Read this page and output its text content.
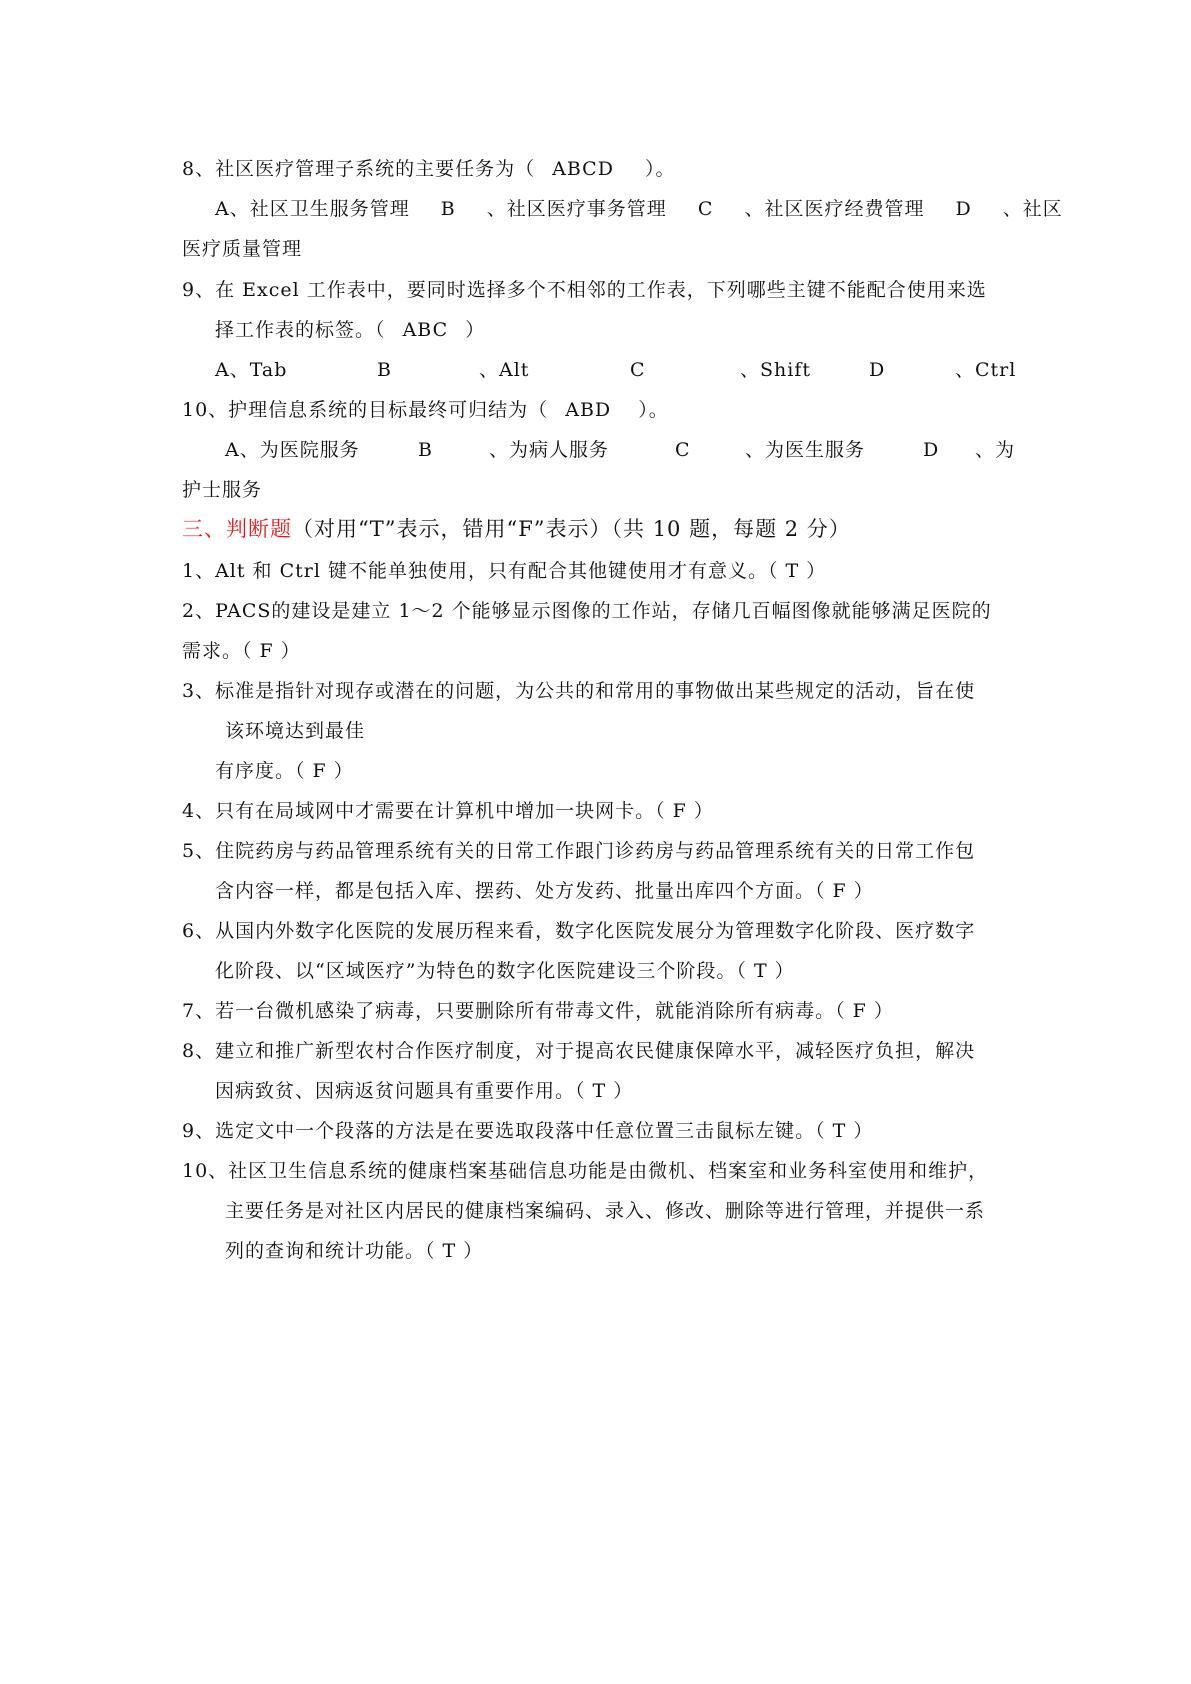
8、社区医疗管理子系统的主要任务为（ ABCD ）。
A、社区卫生服务管理 B 、社区医疗事务管理 C 、社区医疗经费管理 D 、社区
医疗质量管理
9、在 Excel 工作表中，要同时选择多个不相邻的工作表，下列哪些主键不能配合使用来选
择工作表的标签。（ ABC ）
A、Tab	B	、Alt	C	、Shift	D	、Ctrl
10、护理信息系统的目标最终可归结为（ ABD ）。
A、为医院服务	B	、为病人服务	C	、为医生服务	D 、为
护士服务
三、判断题（对用“T”表示，错用“F”表示）（共 10 题，每题 2 分）
1、Alt 和 Ctrl 键不能单独使用，只有配合其他键使用才有意义。（ T ）
2、PACS的建设是建立 1～2 个能够显示图像的工作站，存储几百幅图像就能够满足医院的
需求。（ F ）
3、标准是指针对现存或潜在的问题，为公共的和常用的事物做出某些规定的活动，旨在使
该环境达到最佳
有序度。（ F ）
4、只有在局域网中才需要在计算机中增加一块网卡。（ F ）
5、住院药房与药品管理系统有关的日常工作跟门诊药房与药品管理系统有关的日常工作包
含内容一样，都是包括入库、摆药、处方发药、批量出库四个方面。（ F ）
6、从国内外数字化医院的发展历程来看，数字化医院发展分为管理数字化阶段、医疗数字
化阶段、以“区域医疗”为特色的数字化医院建设三个阶段。（ T ）
7、若一台微机感染了病毒，只要删除所有带毒文件，就能消除所有病毒。（ F ）
8、建立和推广新型农村合作医疗制度，对于提高农民健康保障水平，减轻医疗负担，解决
因病致贫、因病返贫问题具有重要作用。（ T ）
9、选定文中一个段落的方法是在要选取段落中任意位置三击鼠标左键。（ T ）
10、社区卫生信息系统的健康档案基础信息功能是由微机、档案室和业务科室使用和维护，
主要任务是对社区内居民的健康档案编码、录入、修改、删除等进行管理，并提供一系
列的查询和统计功能。（ T ）
